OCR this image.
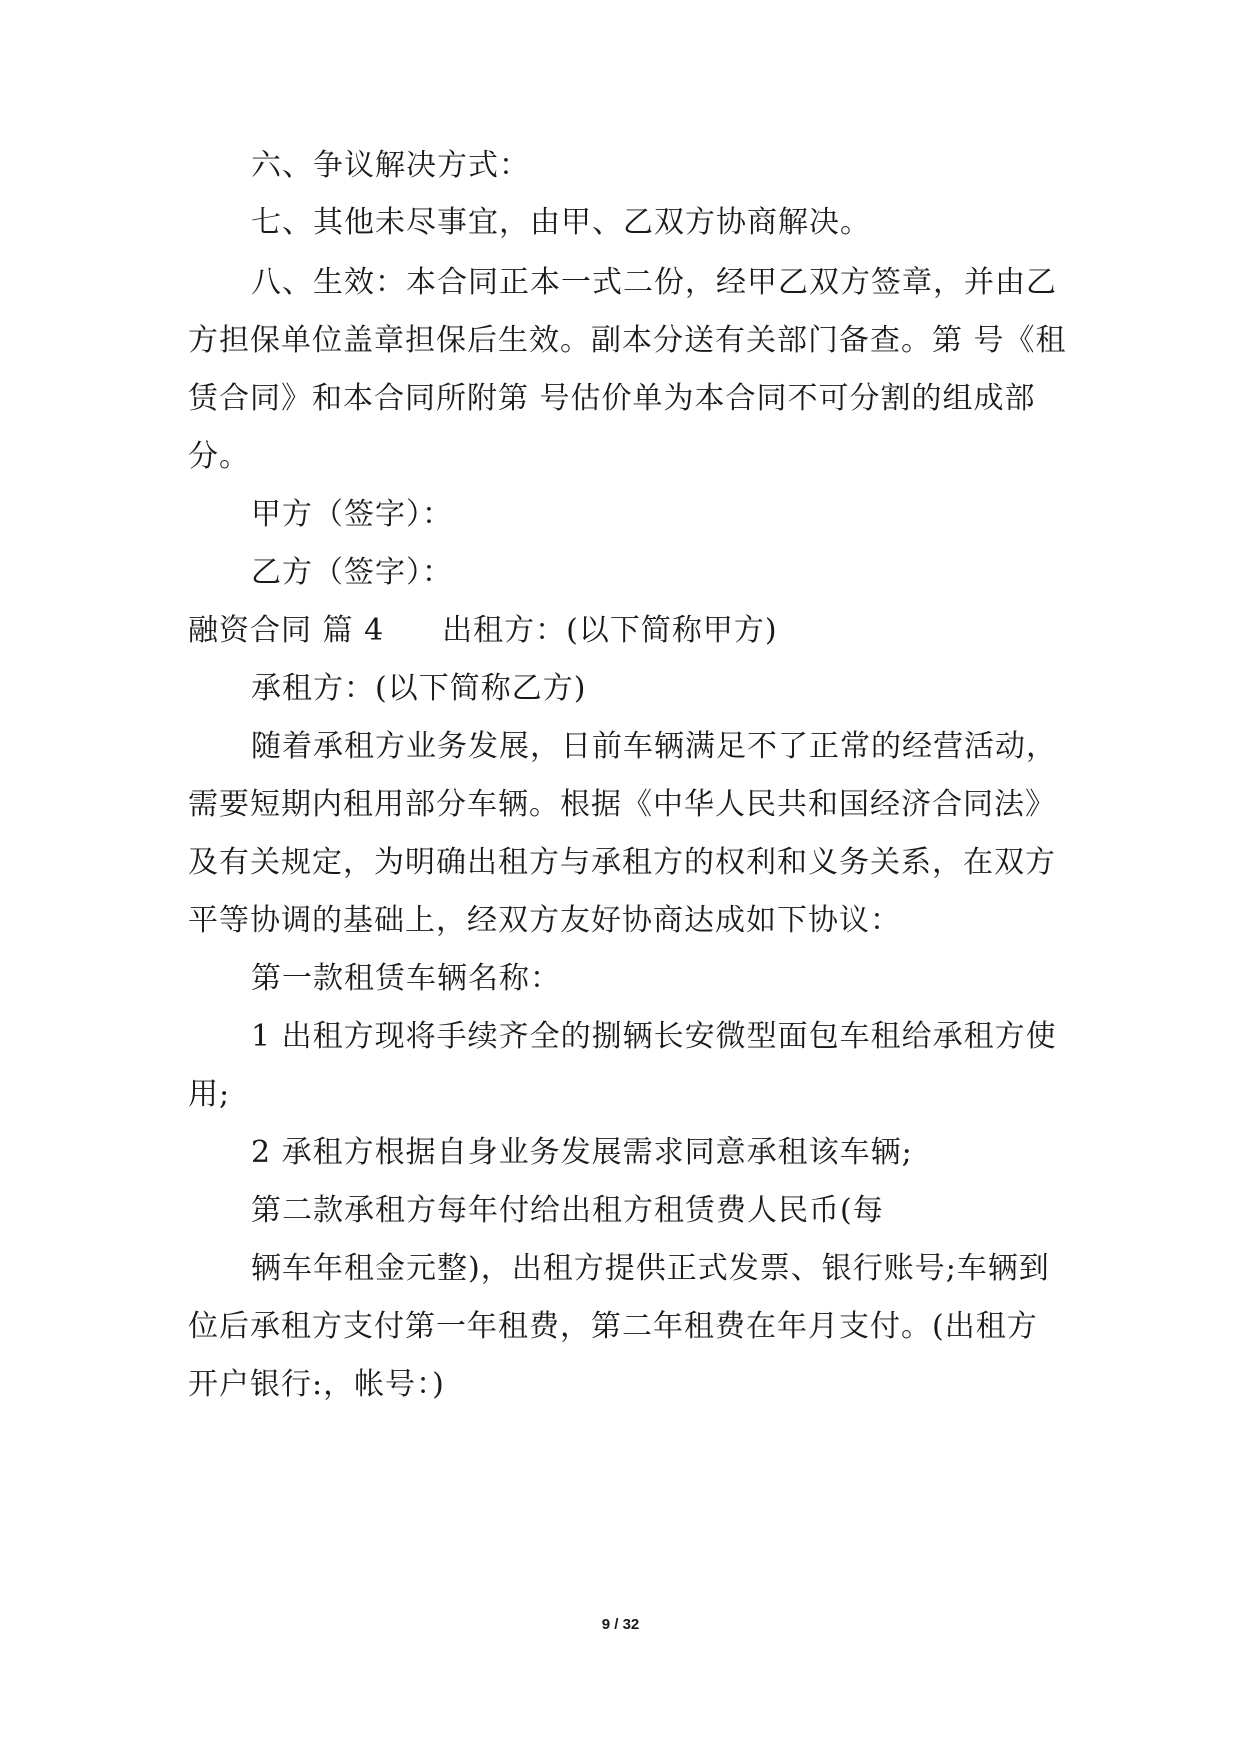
六、争议解决方式：
七、其他未尽事宜，由甲、乙双方协商解决。
八、生效：本合同正本一式二份，经甲乙双方签章，并由乙
方担保单位盖章担保后生效。副本分送有关部门备查。第 号《租
赁合同》和本合同所附第 号估价单为本合同不可分割的组成部
分。
甲方（签字）：
乙方（签字）：
融资合同 篇 4 出租方：(以下简称甲方)
承租方：(以下简称乙方)
随着承租方业务发展，日前车辆满足不了正常的经营活动，
需要短期内租用部分车辆。根据《中华人民共和国经济合同法》
及有关规定，为明确出租方与承租方的权利和义务关系，在双方
平等协调的基础上，经双方友好协商达成如下协议：
第一款租赁车辆名称：
1 出租方现将手续齐全的捌辆长安微型面包车租给承租方使
用;
2 承租方根据自身业务发展需求同意承租该车辆;
第二款承租方每年付给出租方租赁费人民币(每
辆车年租金元整)，出租方提供正式发票、银行账号;车辆到
位后承租方支付第一年租费，第二年租费在年月支付。(出租方
开户银行:，帐号：)
9 / 32
